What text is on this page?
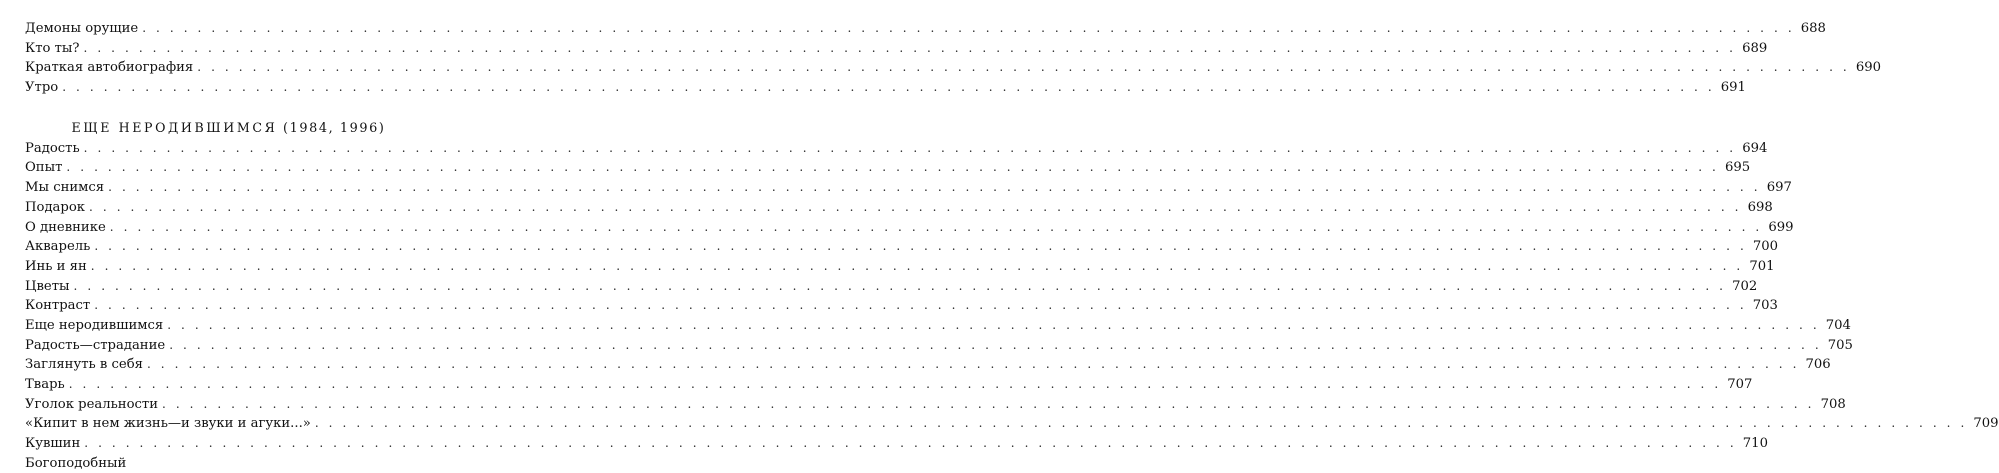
Демоны орущие . . . . . . . . . . . . . . . . . . . . . . . . . . . . . . . . . . . . . . . . . . . . . . . . . . . . . . . . . . . . . . . . . . . . . . . . . . . . . . . . . . . . . . . . . . . . . . . . . . . . . . . . . . . . . . . . . . . . . . . . 688
Кто ты? . . . . . . . . . . . . . . . . . . . . . . . . . . . . . . . . . . . . . . . . . . . . . . . . . . . . . . . . . . . . . . . . . . . . . . . . . . . . . . . . . . . . . . . . . . . . . . . . . . . . . . . . . . . . . . . . . . . . . . . . 689
Краткая автобиография . . . . . . . . . . . . . . . . . . . . . . . . . . . . . . . . . . . . . . . . . . . . . . . . . . . . . . . . . . . . . . . . . . . . . . . . . . . . . . . . . . . . . . . . . . . . . . . . . . . . . . . . . . . . . . . . . . . . . . . . 690
Утро . . . . . . . . . . . . . . . . . . . . . . . . . . . . . . . . . . . . . . . . . . . . . . . . . . . . . . . . . . . . . . . . . . . . . . . . . . . . . . . . . . . . . . . . . . . . . . . . . . . . . . . . . . . . . . . . . . . . . . . . 691
ЕЩЕ НЕРОДИВШИМСЯ (1984, 1996)
Радость . . . . . . . . . . . . . . . . . . . . . . . . . . . . . . . . . . . . . . . . . . . . . . . . . . . . . . . . . . . . . . . . . . . . . . . . . . . . . . . . . . . . . . . . . . . . . . . . . . . . . . . . . . . . . . . . . . . . . . . . 694
Опыт . . . . . . . . . . . . . . . . . . . . . . . . . . . . . . . . . . . . . . . . . . . . . . . . . . . . . . . . . . . . . . . . . . . . . . . . . . . . . . . . . . . . . . . . . . . . . . . . . . . . . . . . . . . . . . . . . . . . . . . . 695
Мы снимся . . . . . . . . . . . . . . . . . . . . . . . . . . . . . . . . . . . . . . . . . . . . . . . . . . . . . . . . . . . . . . . . . . . . . . . . . . . . . . . . . . . . . . . . . . . . . . . . . . . . . . . . . . . . . . . . . . . . . . . . 697
Подарок . . . . . . . . . . . . . . . . . . . . . . . . . . . . . . . . . . . . . . . . . . . . . . . . . . . . . . . . . . . . . . . . . . . . . . . . . . . . . . . . . . . . . . . . . . . . . . . . . . . . . . . . . . . . . . . . . . . . . . . . 698
О дневнике . . . . . . . . . . . . . . . . . . . . . . . . . . . . . . . . . . . . . . . . . . . . . . . . . . . . . . . . . . . . . . . . . . . . . . . . . . . . . . . . . . . . . . . . . . . . . . . . . . . . . . . . . . . . . . . . . . . . . . . . 699
Акварель . . . . . . . . . . . . . . . . . . . . . . . . . . . . . . . . . . . . . . . . . . . . . . . . . . . . . . . . . . . . . . . . . . . . . . . . . . . . . . . . . . . . . . . . . . . . . . . . . . . . . . . . . . . . . . . . . . . . . . . . 700
Инь и ян . . . . . . . . . . . . . . . . . . . . . . . . . . . . . . . . . . . . . . . . . . . . . . . . . . . . . . . . . . . . . . . . . . . . . . . . . . . . . . . . . . . . . . . . . . . . . . . . . . . . . . . . . . . . . . . . . . . . . . . . 701
Цветы . . . . . . . . . . . . . . . . . . . . . . . . . . . . . . . . . . . . . . . . . . . . . . . . . . . . . . . . . . . . . . . . . . . . . . . . . . . . . . . . . . . . . . . . . . . . . . . . . . . . . . . . . . . . . . . . . . . . . . . . 702
Контраст . . . . . . . . . . . . . . . . . . . . . . . . . . . . . . . . . . . . . . . . . . . . . . . . . . . . . . . . . . . . . . . . . . . . . . . . . . . . . . . . . . . . . . . . . . . . . . . . . . . . . . . . . . . . . . . . . . . . . . . . 703
Еще неродившимся . . . . . . . . . . . . . . . . . . . . . . . . . . . . . . . . . . . . . . . . . . . . . . . . . . . . . . . . . . . . . . . . . . . . . . . . . . . . . . . . . . . . . . . . . . . . . . . . . . . . . . . . . . . . . . . . . . . . . . . . 704
Радость—страдание . . . . . . . . . . . . . . . . . . . . . . . . . . . . . . . . . . . . . . . . . . . . . . . . . . . . . . . . . . . . . . . . . . . . . . . . . . . . . . . . . . . . . . . . . . . . . . . . . . . . . . . . . . . . . . . . . . . . . . . . 705
Заглянуть в себя . . . . . . . . . . . . . . . . . . . . . . . . . . . . . . . . . . . . . . . . . . . . . . . . . . . . . . . . . . . . . . . . . . . . . . . . . . . . . . . . . . . . . . . . . . . . . . . . . . . . . . . . . . . . . . . . . . . . . . . . 706
Тварь . . . . . . . . . . . . . . . . . . . . . . . . . . . . . . . . . . . . . . . . . . . . . . . . . . . . . . . . . . . . . . . . . . . . . . . . . . . . . . . . . . . . . . . . . . . . . . . . . . . . . . . . . . . . . . . . . . . . . . . . 707
Уголок реальности . . . . . . . . . . . . . . . . . . . . . . . . . . . . . . . . . . . . . . . . . . . . . . . . . . . . . . . . . . . . . . . . . . . . . . . . . . . . . . . . . . . . . . . . . . . . . . . . . . . . . . . . . . . . . . . . . . . . . . . . 708
«Кипит в нем жизнь—и звуки и агуки...» . . . . . . . . . . . . . . . . . . . . . . . . . . . . . . . . . . . . . . . . . . . . . . . . . . . . . . . . . . . . . . . . . . . . . . . . . . . . . . . . . . . . . . . . . . . . . . . . . . . . . . . . . . . . . . . . . . . . . . . . 709
Кувшин . . . . . . . . . . . . . . . . . . . . . . . . . . . . . . . . . . . . . . . . . . . . . . . . . . . . . . . . . . . . . . . . . . . . . . . . . . . . . . . . . . . . . . . . . . . . . . . . . . . . . . . . . . . . . . . . . . . . . . . . 710
Богоподобный
